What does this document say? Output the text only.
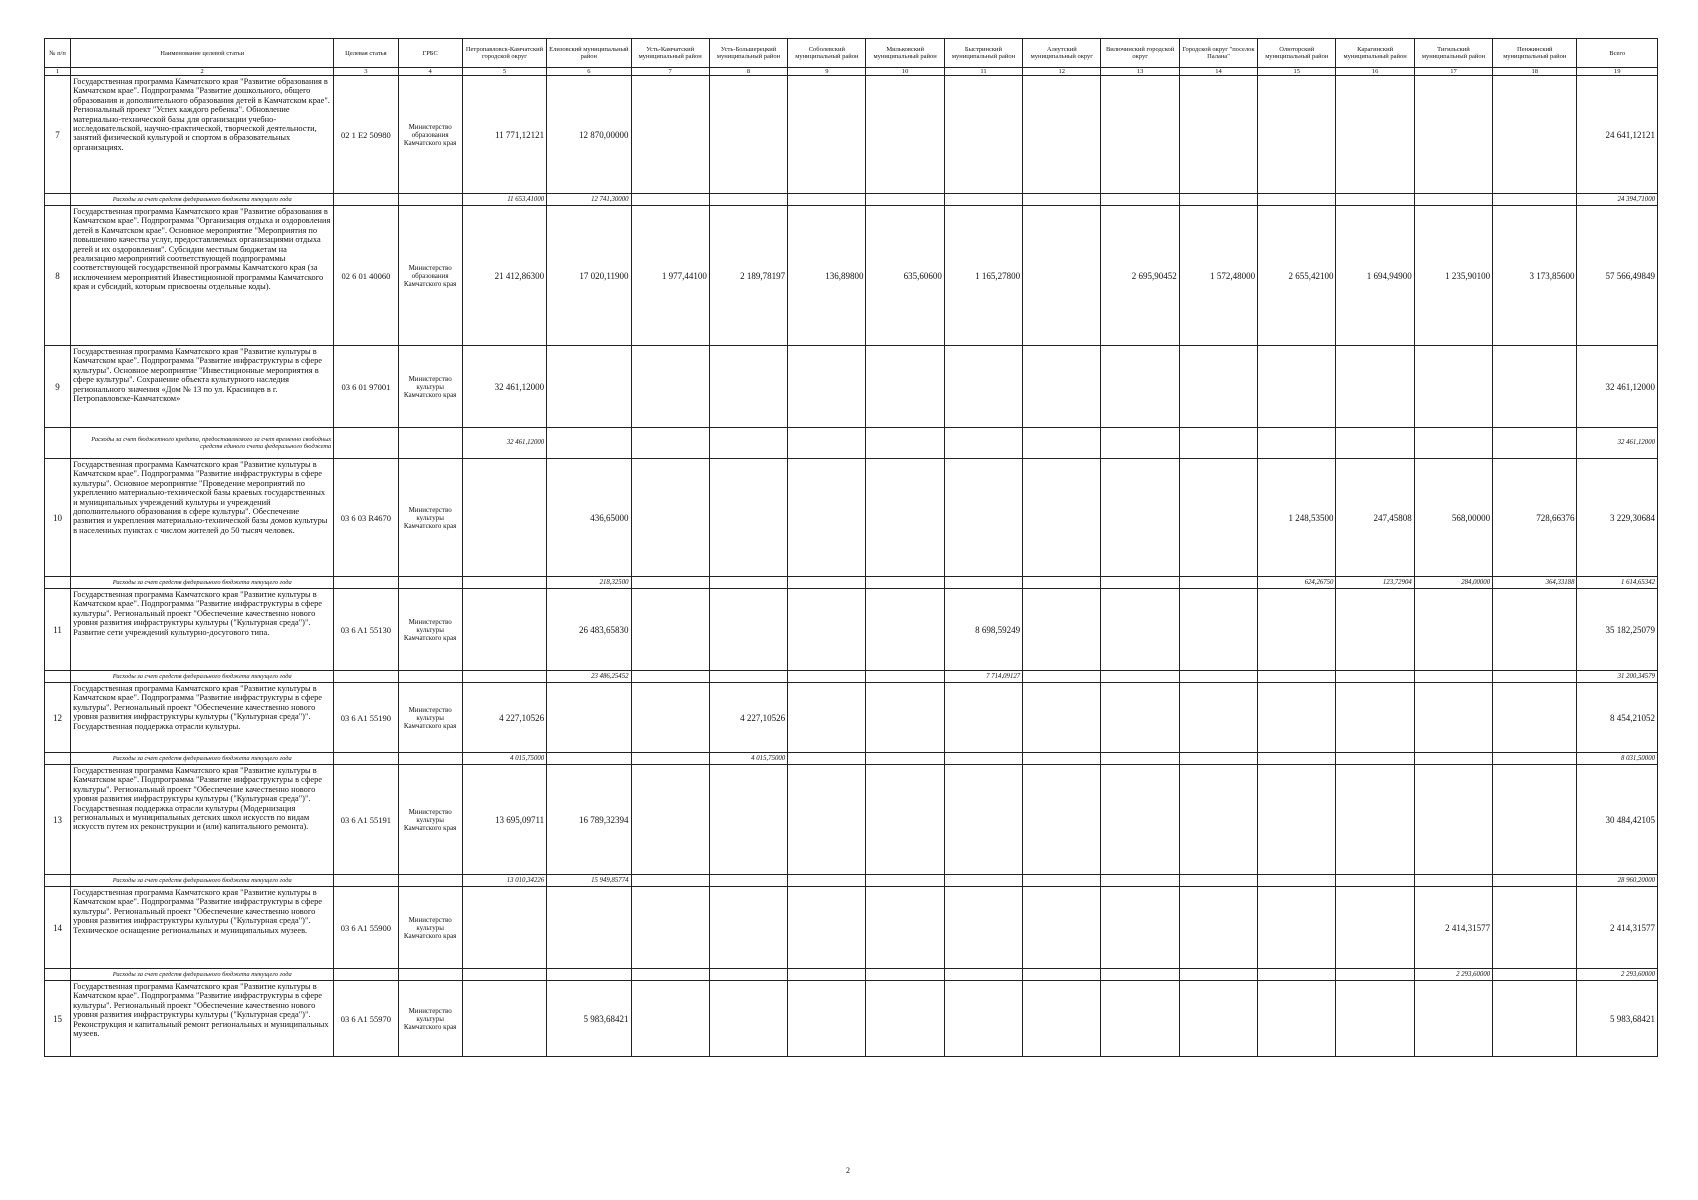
№ п/п	Наименование целевой статьи	Целевая статья	ГРБС	Петропавловск-Камчатский городской округ	Елизовский муниципальный район	Усть-Камчатский муниципальный район	Усть-Большерецкий муниципальный район	Соболевский муниципальный район	Мильковский муниципальный район	Быстринский муниципальный район	Алеутский муниципальный округ	Вилючинский городской округ	Городской округ "поселок Палана"	Олюторский муниципальный район	Карагинский муниципальный район	Тигильский муниципальный район	Пенжинский муниципальный район	Всего
1	2	3	4	5	6	7	8	9	10	11	12	13	14	15	16	17	18	19
7	Государственная программа Камчатского края "Развитие образования в Камчатском крае". Подпрограмма "Развитие дошкольного, общего образования и дополнительного образования детей в Камчатском крае". Региональный проект "Успех каждого ребенка". Обновление материально-технической базы для организации учебно-исследовательской, научно-практической, творческой деятельности, занятий физической культурой и спортом в образовательных организациях.	02 1 E2 50980	Министерство образования Камчатского края	11 771,12121	12 870,00000													24 641,12121
	Расходы за счет средств федерального бюджета текущего года			11 653,41000	12 741,30000													24 394,71000
8	Государственная программа Камчатского края "Развитие образования в Камчатском крае". Подпрограмма "Организация отдыха и оздоровления детей в Камчатском крае". Основное мероприятие "Мероприятия по повышению качества услуг, предоставляемых организациями отдыха детей и их оздоровления". Субсидии местным бюджетам на реализацию мероприятий соответствующей подпрограммы соответствующей государственной программы Камчатского края (за исключением мероприятий Инвестиционной программы Камчатского края и субсидий, которым присвоены отдельные коды).	02 6 01 40060	Министерство образования Камчатского края	21 412,86300	17 020,11900	1 977,44100	2 189,78197	136,89800	635,60600	1 165,27800		2 695,90452	1 572,48000	2 655,42100	1 694,94900	1 235,90100	3 173,85600	57 566,49849
9	Государственная программа Камчатского края "Развитие культуры в Камчатском крае". Подпрограмма "Развитие инфраструктуры в сфере культуры". Основное мероприятие "Инвестиционные мероприятия в сфере культуры". Сохранение объекта культурного наследия регионального значения «Дом № 13 по ул. Красинцев в г. Петропавловске-Камчатском»	03 6 01 97001	Министерство культуры Камчатского края	32 461,12000														32 461,12000
	Расходы за счет бюджетного кредита, предоставляемого за счет временно свободных средств единого счета федерального бюджета			32 461,12000														32 461,12000
10	Государственная программа Камчатского края "Развитие культуры в Камчатском крае". Подпрограмма "Развитие инфраструктуры в сфере культуры". Основное мероприятие "Проведение мероприятий по укреплению материально-технической базы краевых государственных и муниципальных учреждений культуры и учреждений дополнительного образования в сфере культуры". Обеспечение развития и укрепления материально-технической базы домов культуры в населенных пунктах с числом жителей до 50 тысяч человек.	03 6 03 R4670	Министерство культуры Камчатского края		436,65000									1 248,53500	247,45808	568,00000	728,66376	3 229,30684
	Расходы за счет средств федерального бюджета текущего года				218,32500									624,26750	123,72904	284,00000	364,33188	1 614,65342
11	Государственная программа Камчатского края "Развитие культуры в Камчатском крае". Подпрограмма "Развитие инфраструктуры в сфере культуры". Региональный проект "Обеспечение качественно нового уровня развития инфраструктуры культуры ("Культурная среда")". Развитие сети учреждений культурно-досугового типа.	03 6 A1 55130	Министерство культуры Камчатского края		26 483,65830					8 698,59249								35 182,25079
	Расходы за счет средств федерального бюджета текущего года				23 486,25452					7 714,09127								31 200,34579
12	Государственная программа Камчатского края "Развитие культуры в Камчатском крае". Подпрограмма "Развитие инфраструктуры в сфере культуры". Региональный проект "Обеспечение качественно нового уровня развития инфраструктуры культуры ("Культурная среда")". Государственная поддержка отрасли культуры.	03 6 A1 55190	Министерство культуры Камчатского края	4 227,10526			4 227,10526											8 454,21052
	Расходы за счет средств федерального бюджета текущего года			4 015,75000			4 015,75000											8 031,50000
13	Государственная программа Камчатского края "Развитие культуры в Камчатском крае". Подпрограмма "Развитие инфраструктуры в сфере культуры". Региональный проект "Обеспечение качественно нового уровня развития инфраструктуры культуры ("Культурная среда")". Государственная поддержка отрасли культуры (Модернизация региональных и муниципальных детских школ искусств по видам искусств путем их реконструкции и (или) капитального ремонта).	03 6 A1 55191	Министерство культуры Камчатского края	13 695,09711	16 789,32394													30 484,42105
	Расходы за счет средств федерального бюджета текущего года			13 010,34226	15 949,85774													28 960,20000
14	Государственная программа Камчатского края "Развитие культуры в Камчатском крае". Подпрограмма "Развитие инфраструктуры в сфере культуры". Региональный проект "Обеспечение качественно нового уровня развития инфраструктуры культуры ("Культурная среда")". Техническое оснащение региональных и муниципальных музеев.	03 6 A1 55900	Министерство культуры Камчатского края													2 414,31577		2 414,31577
	Расходы за счет средств федерального бюджета текущего года															2 293,60000		2 293,60000
15	Государственная программа Камчатского края "Развитие культуры в Камчатском крае". Подпрограмма "Развитие инфраструктуры в сфере культуры". Региональный проект "Обеспечение качественно нового уровня развития инфраструктуры культуры ("Культурная среда")". Реконструкция и капитальный ремонт региональных и муниципальных музеев.	03 6 A1 55970	Министерство культуры Камчатского края		5 983,68421													5 983,68421
2
